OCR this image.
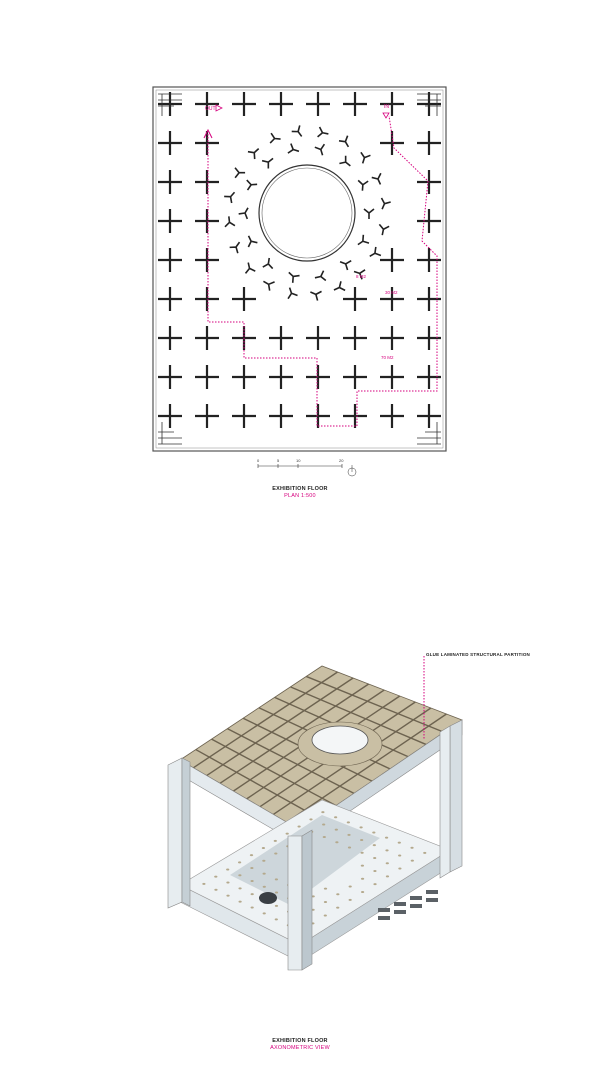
OUT	IN
8 M2
30 M2
70 M2
0	5	10	20
EXHIBITION FLOOR
PLAN 1:500
GLUE LAMINATED STRUCTURAL PARTITION
EXHIBITION FLOOR
AXONOMETRIC VIEW
